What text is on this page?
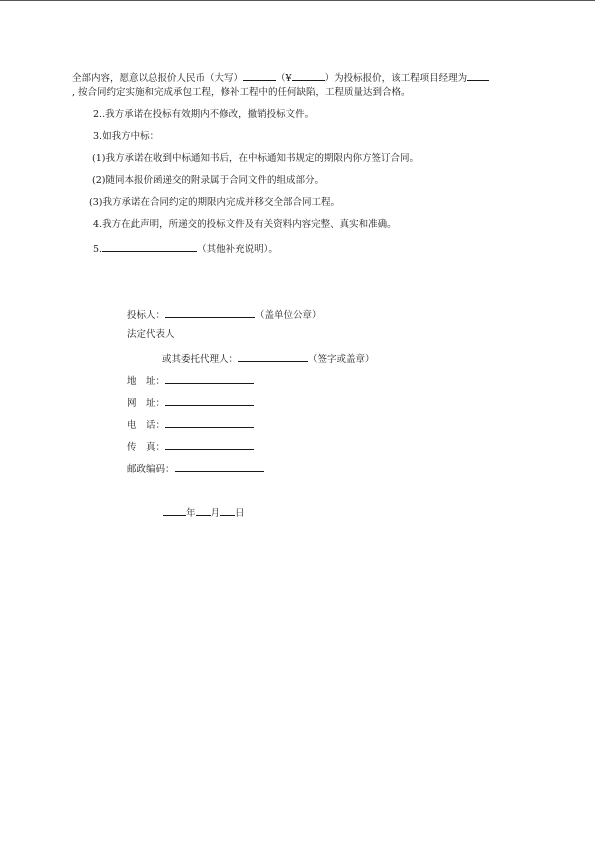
全部内容，愿意以总报价人民币（大写）	（¥	）为投标报价，该工程项目经理为
, 按合同约定实施和完成承包工程，修补工程中的任何缺陷，工程质量达到合格。
2..我方承诺在投标有效期内不修改，撤销投标文件。
3.如我方中标：
(1)我方承诺在收到中标通知书后，在中标通知书规定的期限内你方签订合同。
(2)随同本报价函递交的附录属于合同文件的组成部分。
(3)我方承诺在合同约定的期限内完成并移交全部合同工程。
4.我方在此声明，所递交的投标文件及有关资料内容完整、真实和准确。
5.	（其他补充说明）。
投标人：	（盖单位公章）
法定代表人
或其委托代理人：	（签字或盖章）
地　址：
网　址：
电　话：
传　真：
邮政编码：
年 月 日
